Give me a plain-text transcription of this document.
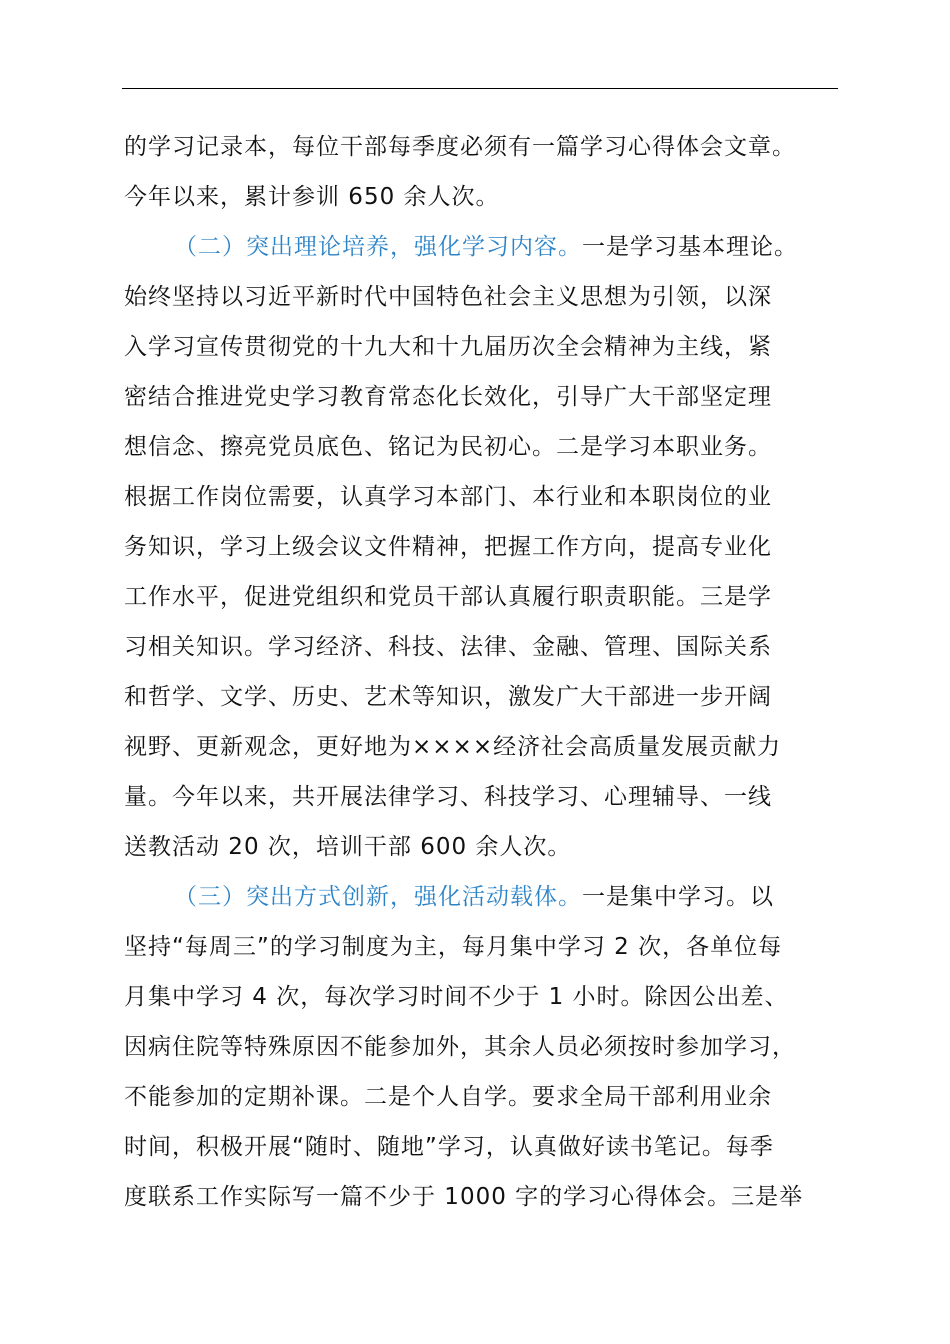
的学习记录本，每位干部每季度必须有一篇学习心得体会文章。
今年以来，累计参训 650 余人次。
（二）突出理论培养，强化学习内容。一是学习基本理论。
始终坚持以习近平新时代中国特色社会主义思想为引领，以深
入学习宣传贯彻党的十九大和十九届历次全会精神为主线，紧
密结合推进党史学习教育常态化长效化，引导广大干部坚定理
想信念、擦亮党员底色、铭记为民初心。二是学习本职业务。
根据工作岗位需要，认真学习本部门、本行业和本职岗位的业
务知识，学习上级会议文件精神，把握工作方向，提高专业化
工作水平，促进党组织和党员干部认真履行职责职能。三是学
习相关知识。学习经济、科技、法律、金融、管理、国际关系
和哲学、文学、历史、艺术等知识，激发广大干部进一步开阔
视野、更新观念，更好地为××××经济社会高质量发展贡献力
量。今年以来，共开展法律学习、科技学习、心理辅导、一线
送教活动 20 次，培训干部 600 余人次。
（三）突出方式创新，强化活动载体。一是集中学习。以
坚持“每周三”的学习制度为主，每月集中学习 2 次，各单位每
月集中学习 4 次，每次学习时间不少于 1 小时。除因公出差、
因病住院等特殊原因不能参加外，其余人员必须按时参加学习，
不能参加的定期补课。二是个人自学。要求全局干部利用业余
时间，积极开展“随时、随地”学习，认真做好读书笔记。每季
度联系工作实际写一篇不少于 1000 字的学习心得体会。三是举
